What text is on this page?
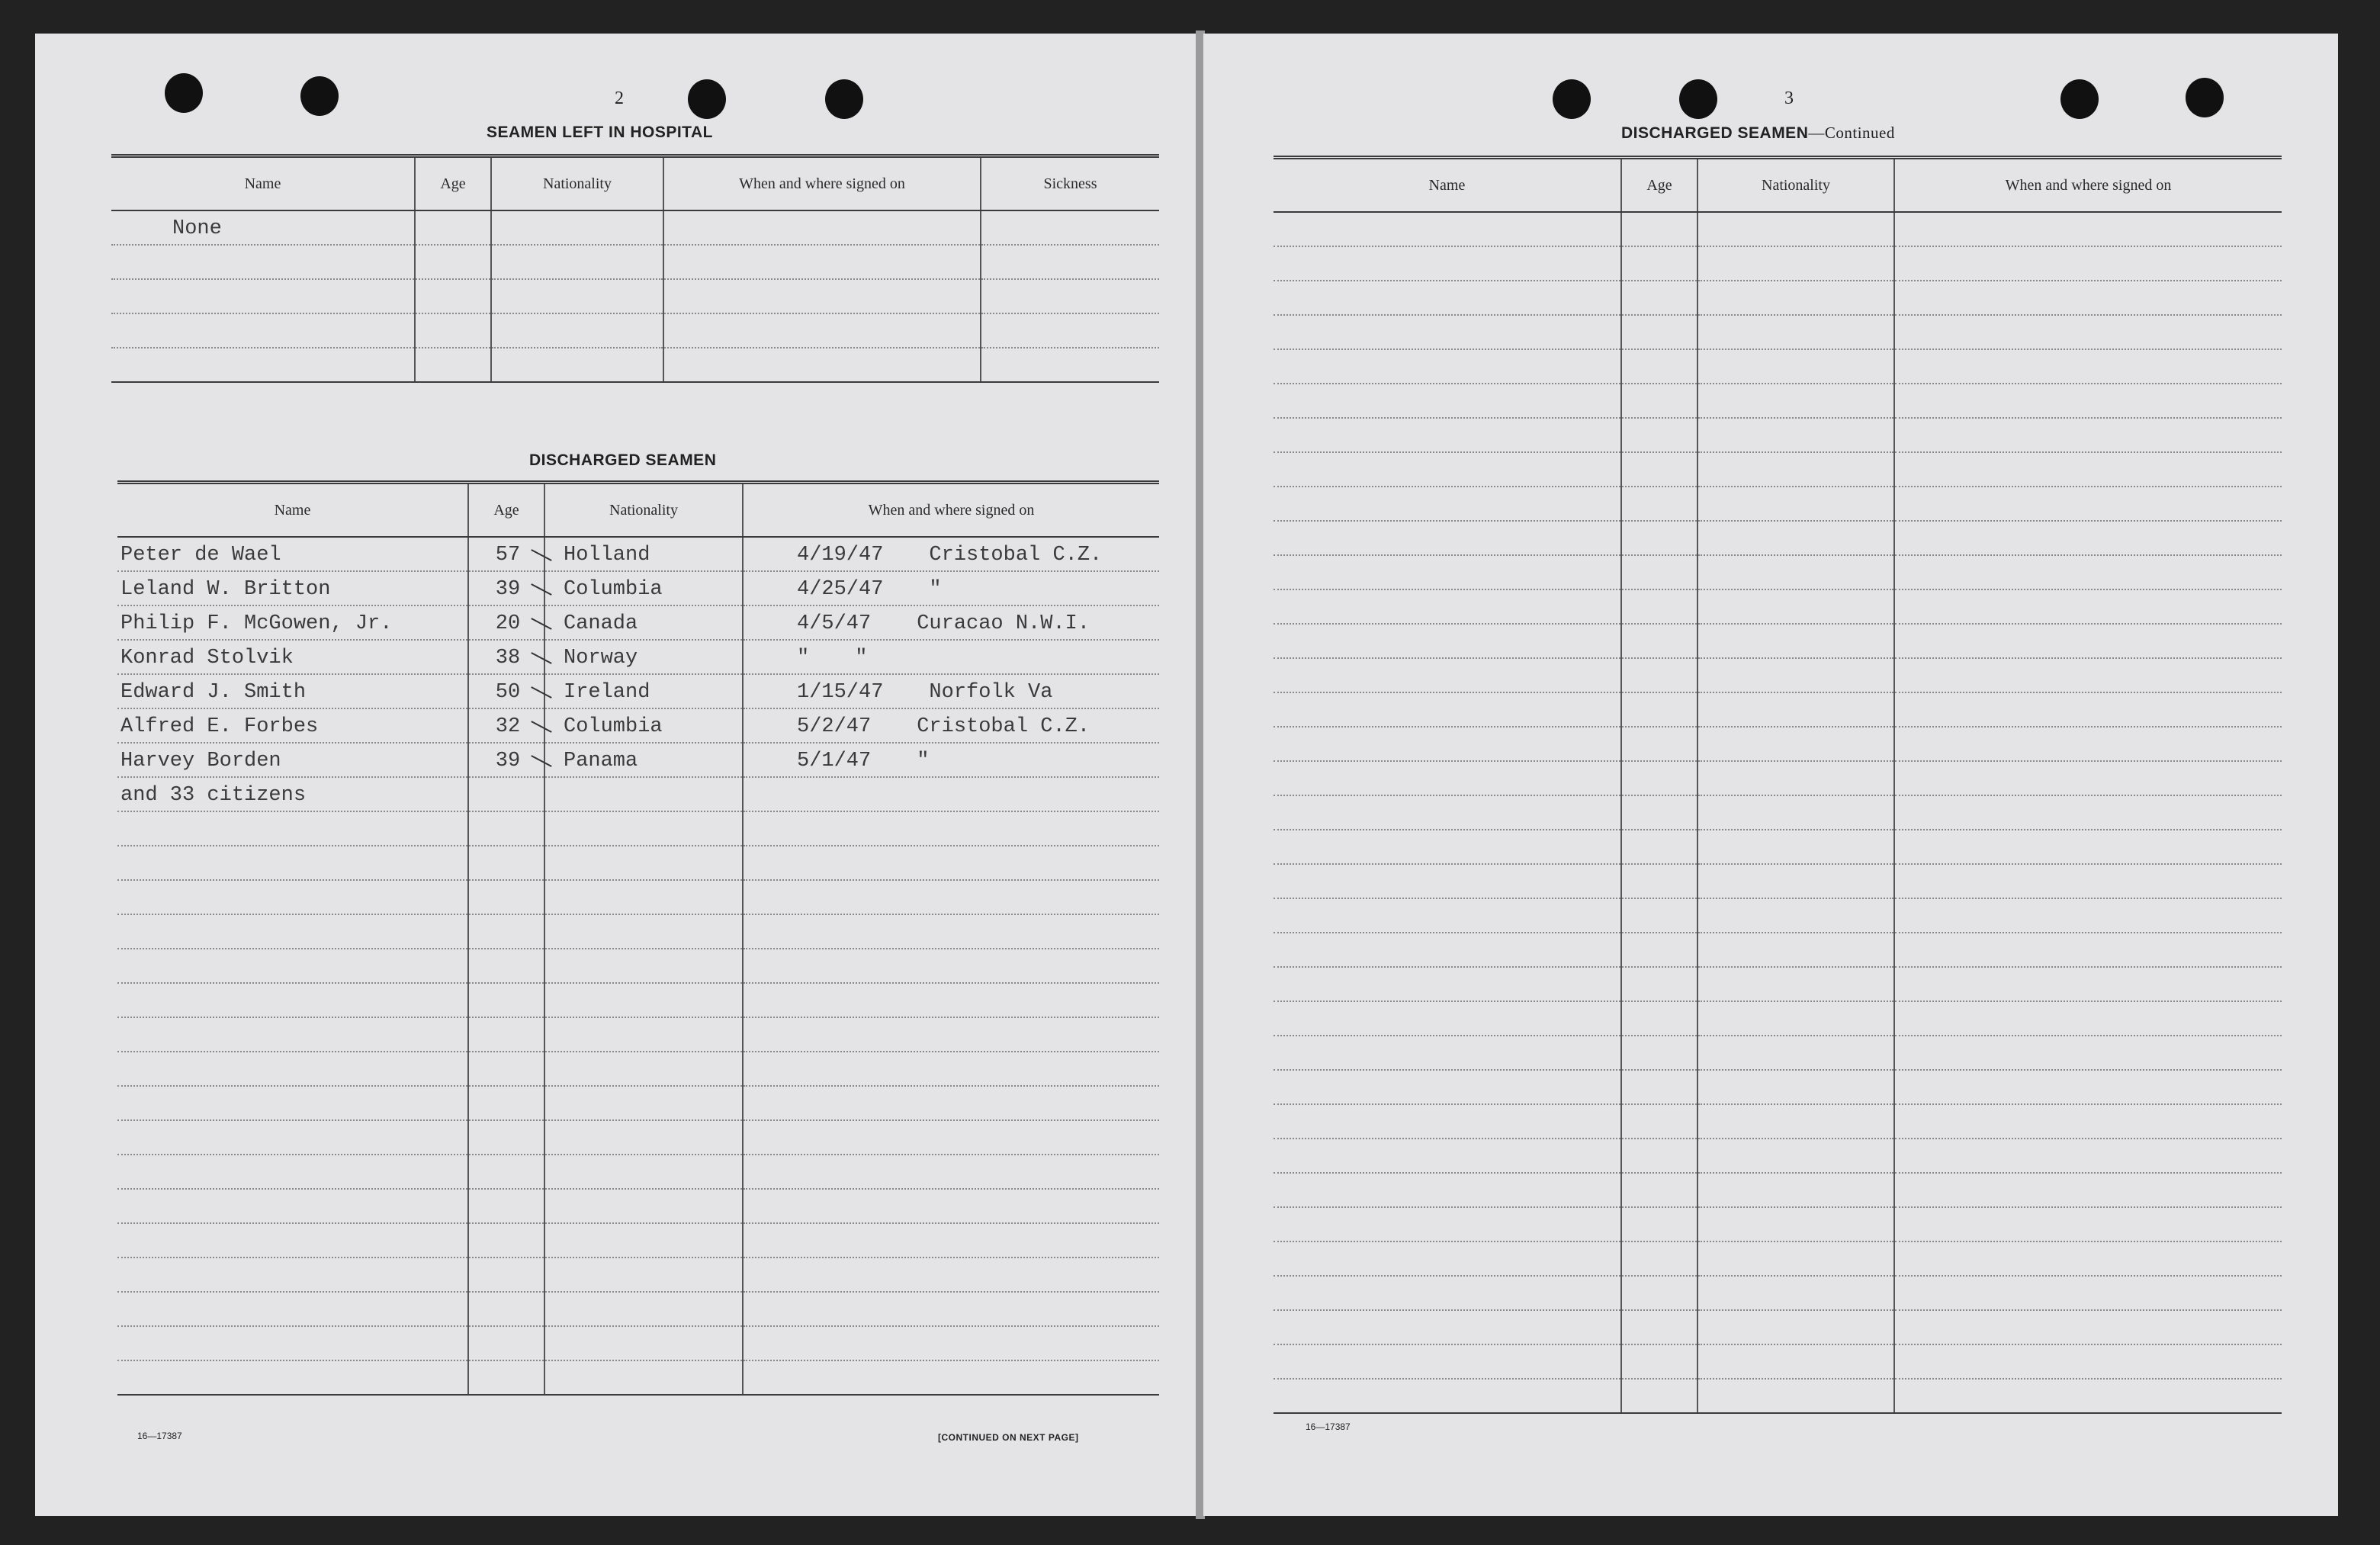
2
SEAMEN LEFT IN HOSPITAL
Name	Age	Nationality	When and where signed on	Sickness
None				

DISCHARGED SEAMEN
Name	Age	Nationality	When and where signed on
Peter de Wael	57	Holland	4/19/47 Cristobal C.Z.
Leland W. Britton	39	Columbia	4/25/47 "
Philip F. McGowen, Jr.	20	Canada	4/5/47 Curacao N.W.I.
Konrad Stolvik	38	Norway	" "
Edward J. Smith	50	Ireland	1/15/47 Norfolk Va
Alfred E. Forbes	32	Columbia	5/2/47 Cristobal C.Z.
Harvey Borden	39	Panama	5/1/47 "
and 33 citizens			

16—17387	[CONTINUED ON NEXT PAGE]
3
DISCHARGED SEAMEN—Continued
Name	Age	Nationality	When and where signed on

16—17387
